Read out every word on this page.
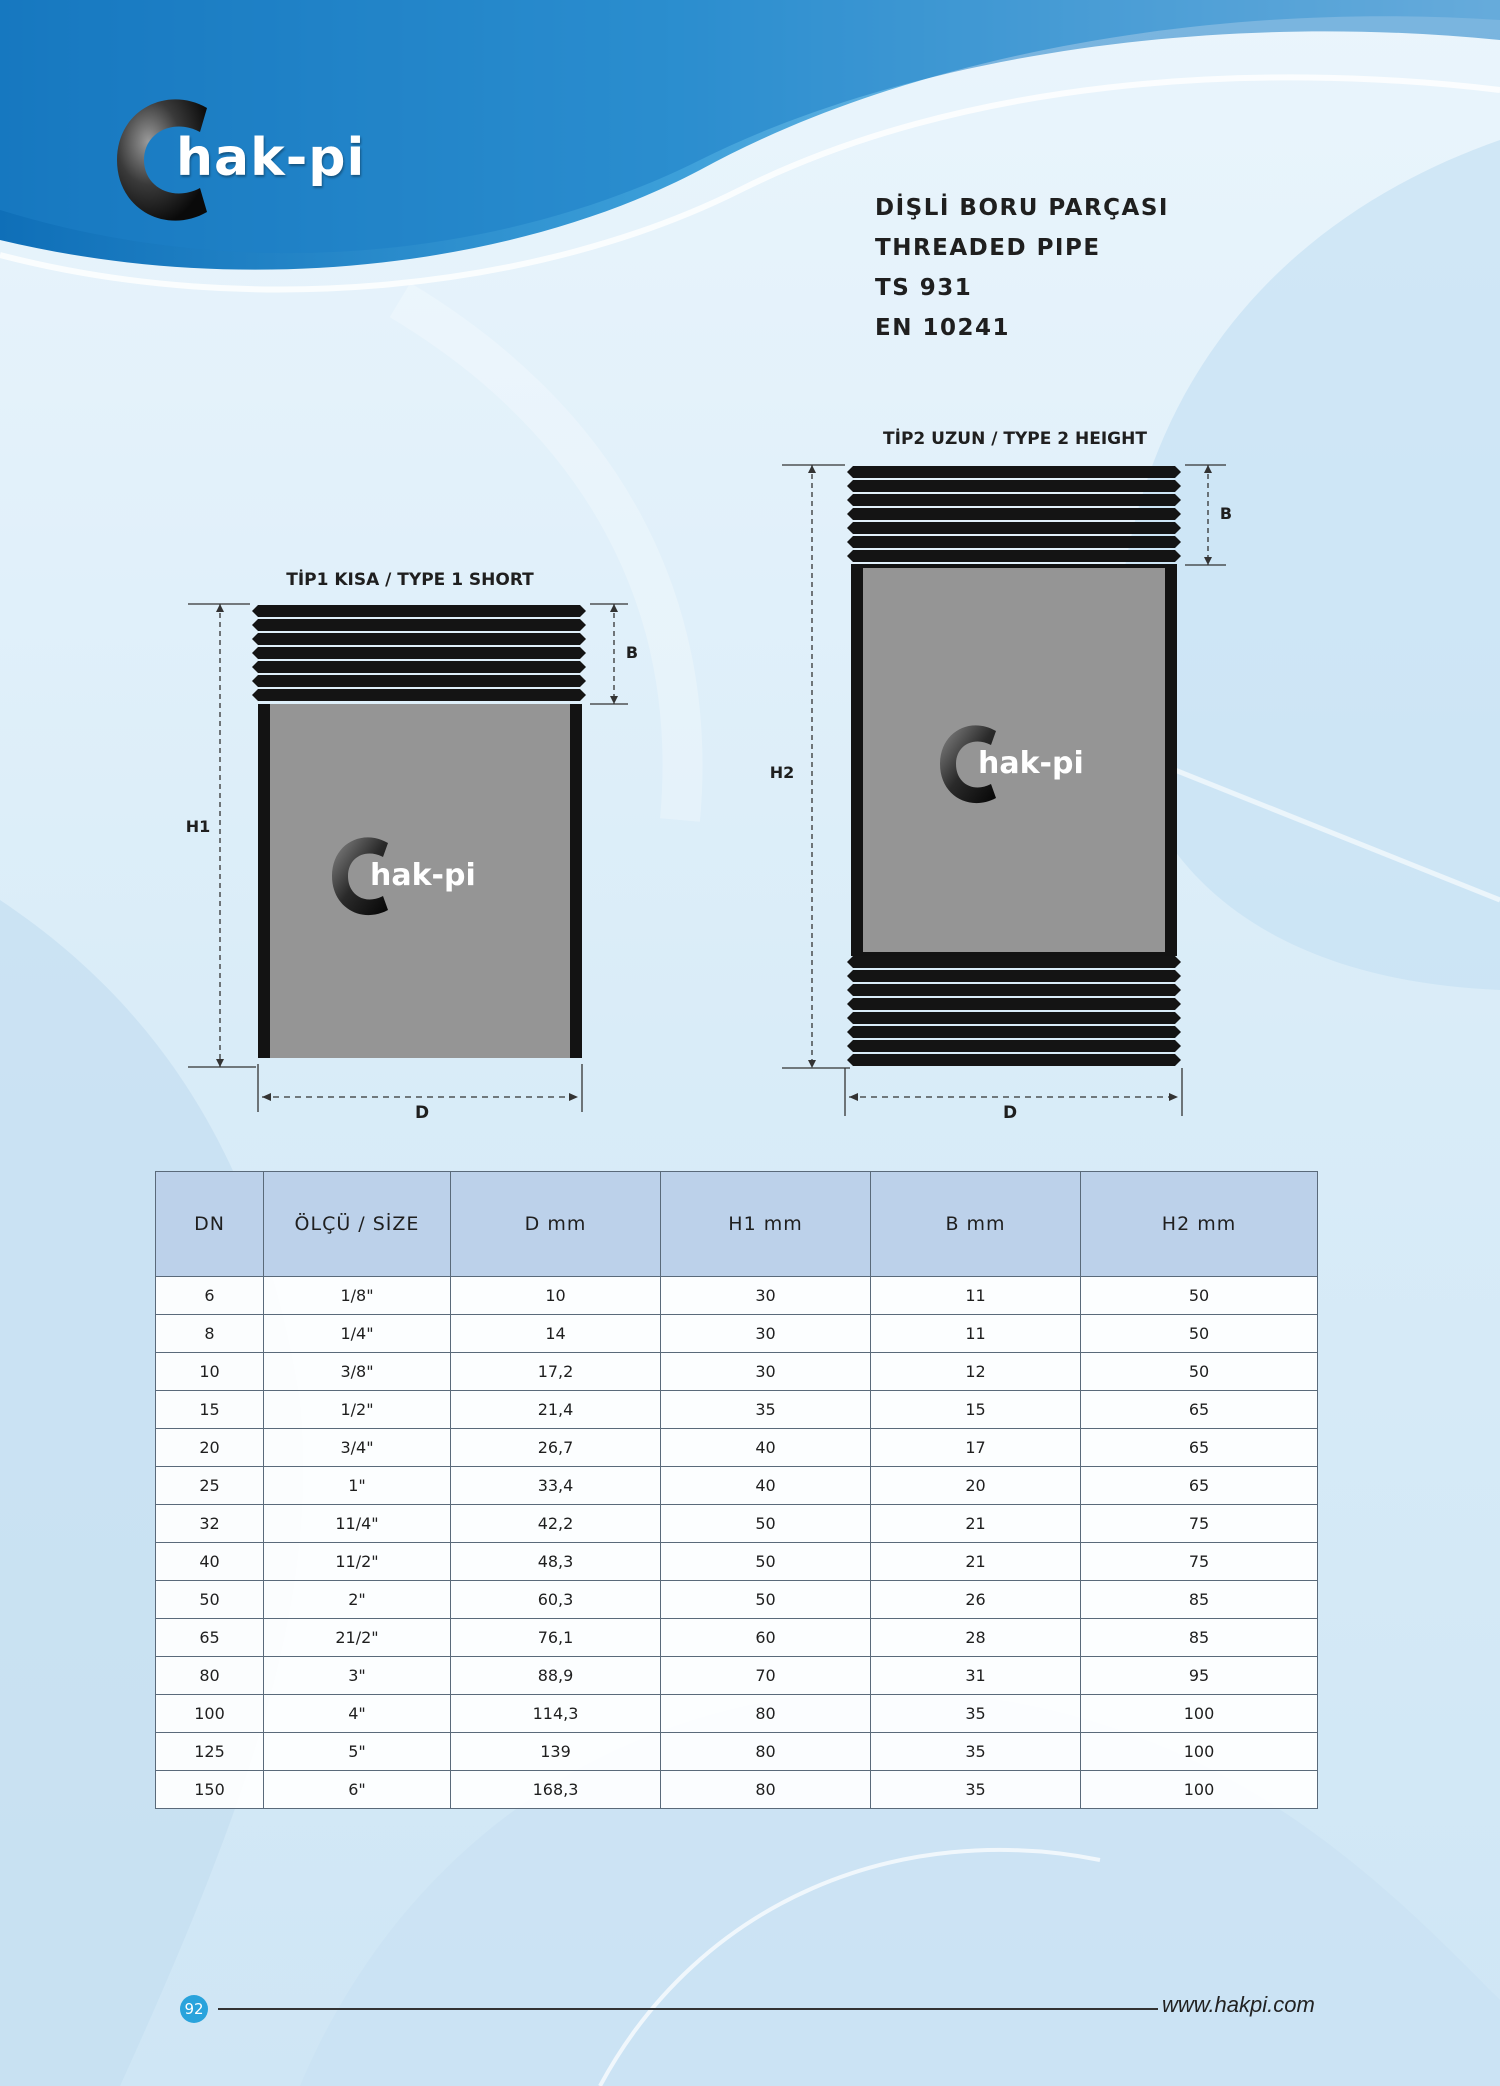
hak-pi
DİŞLİ BORU PARÇASI
THREADED PIPE
TS 931
EN 10241
TİP1 KISA / TYPE 1 SHORT
hak-pi
B
H1
D
TİP2 UZUN / TYPE 2 HEIGHT
hak-pi
B
H2
D
DN	ÖLÇÜ / SİZE	D mm	H1 mm	B mm	H2 mm
6	1/8"	10	30	11	50
8	1/4"	14	30	11	50
10	3/8"	17,2	30	12	50
15	1/2"	21,4	35	15	65
20	3/4"	26,7	40	17	65
25	1"	33,4	40	20	65
32	11/4"	42,2	50	21	75
40	11/2"	48,3	50	21	75
50	2"	60,3	50	26	85
65	21/2"	76,1	60	28	85
80	3"	88,9	70	31	95
100	4"	114,3	80	35	100
125	5"	139	80	35	100
150	6"	168,3	80	35	100
92	www.hakpi.com
